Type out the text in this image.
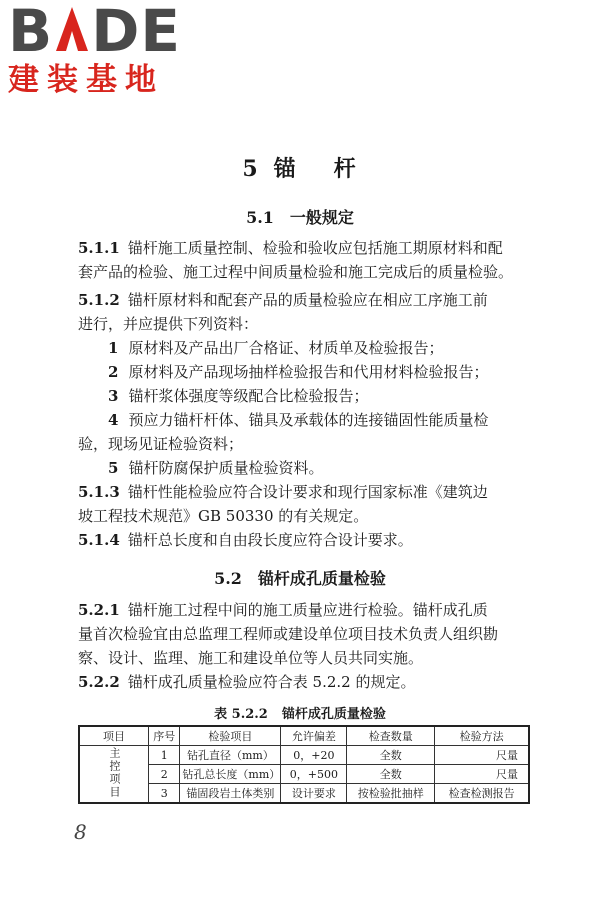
B DE
建装基地
5 锚 杆
5.1　一般规定
5.1.1 锚杆施工质量控制、检验和验收应包括施工期原材料和配
套产品的检验、施工过程中间质量检验和施工完成后的质量检验。
5.1.2 锚杆原材料和配套产品的质量检验应在相应工序施工前
进行，并应提供下列资料：
1 原材料及产品出厂合格证、材质单及检验报告；
2 原材料及产品现场抽样检验报告和代用材料检验报告；
3 锚杆浆体强度等级配合比检验报告；
4 预应力锚杆杆体、锚具及承载体的连接锚固性能质量检
验，现场见证检验资料；
5 锚杆防腐保护质量检验资料。
5.1.3 锚杆性能检验应符合设计要求和现行国家标准《建筑边
坡工程技术规范》GB 50330 的有关规定。
5.1.4 锚杆总长度和自由段长度应符合设计要求。
5.2　锚杆成孔质量检验
5.2.1 锚杆施工过程中间的施工质量应进行检验。锚杆成孔质
量首次检验宜由总监理工程师或建设单位项目技术负责人组织勘
察、设计、监理、施工和建设单位等人员共同实施。
5.2.2 锚杆成孔质量检验应符合表 5.2.2 的规定。
表 5.2.2 锚杆成孔质量检验
项目	序号	检验项目	允许偏差	检查数量	检验方法
主控项目	1	钻孔直径（mm）	0，+20	全数	尺量
	2	钻孔总长度（mm）	0，+500	全数	尺量
	3	锚固段岩土体类别	设计要求	按检验批抽样	检查检测报告
8
